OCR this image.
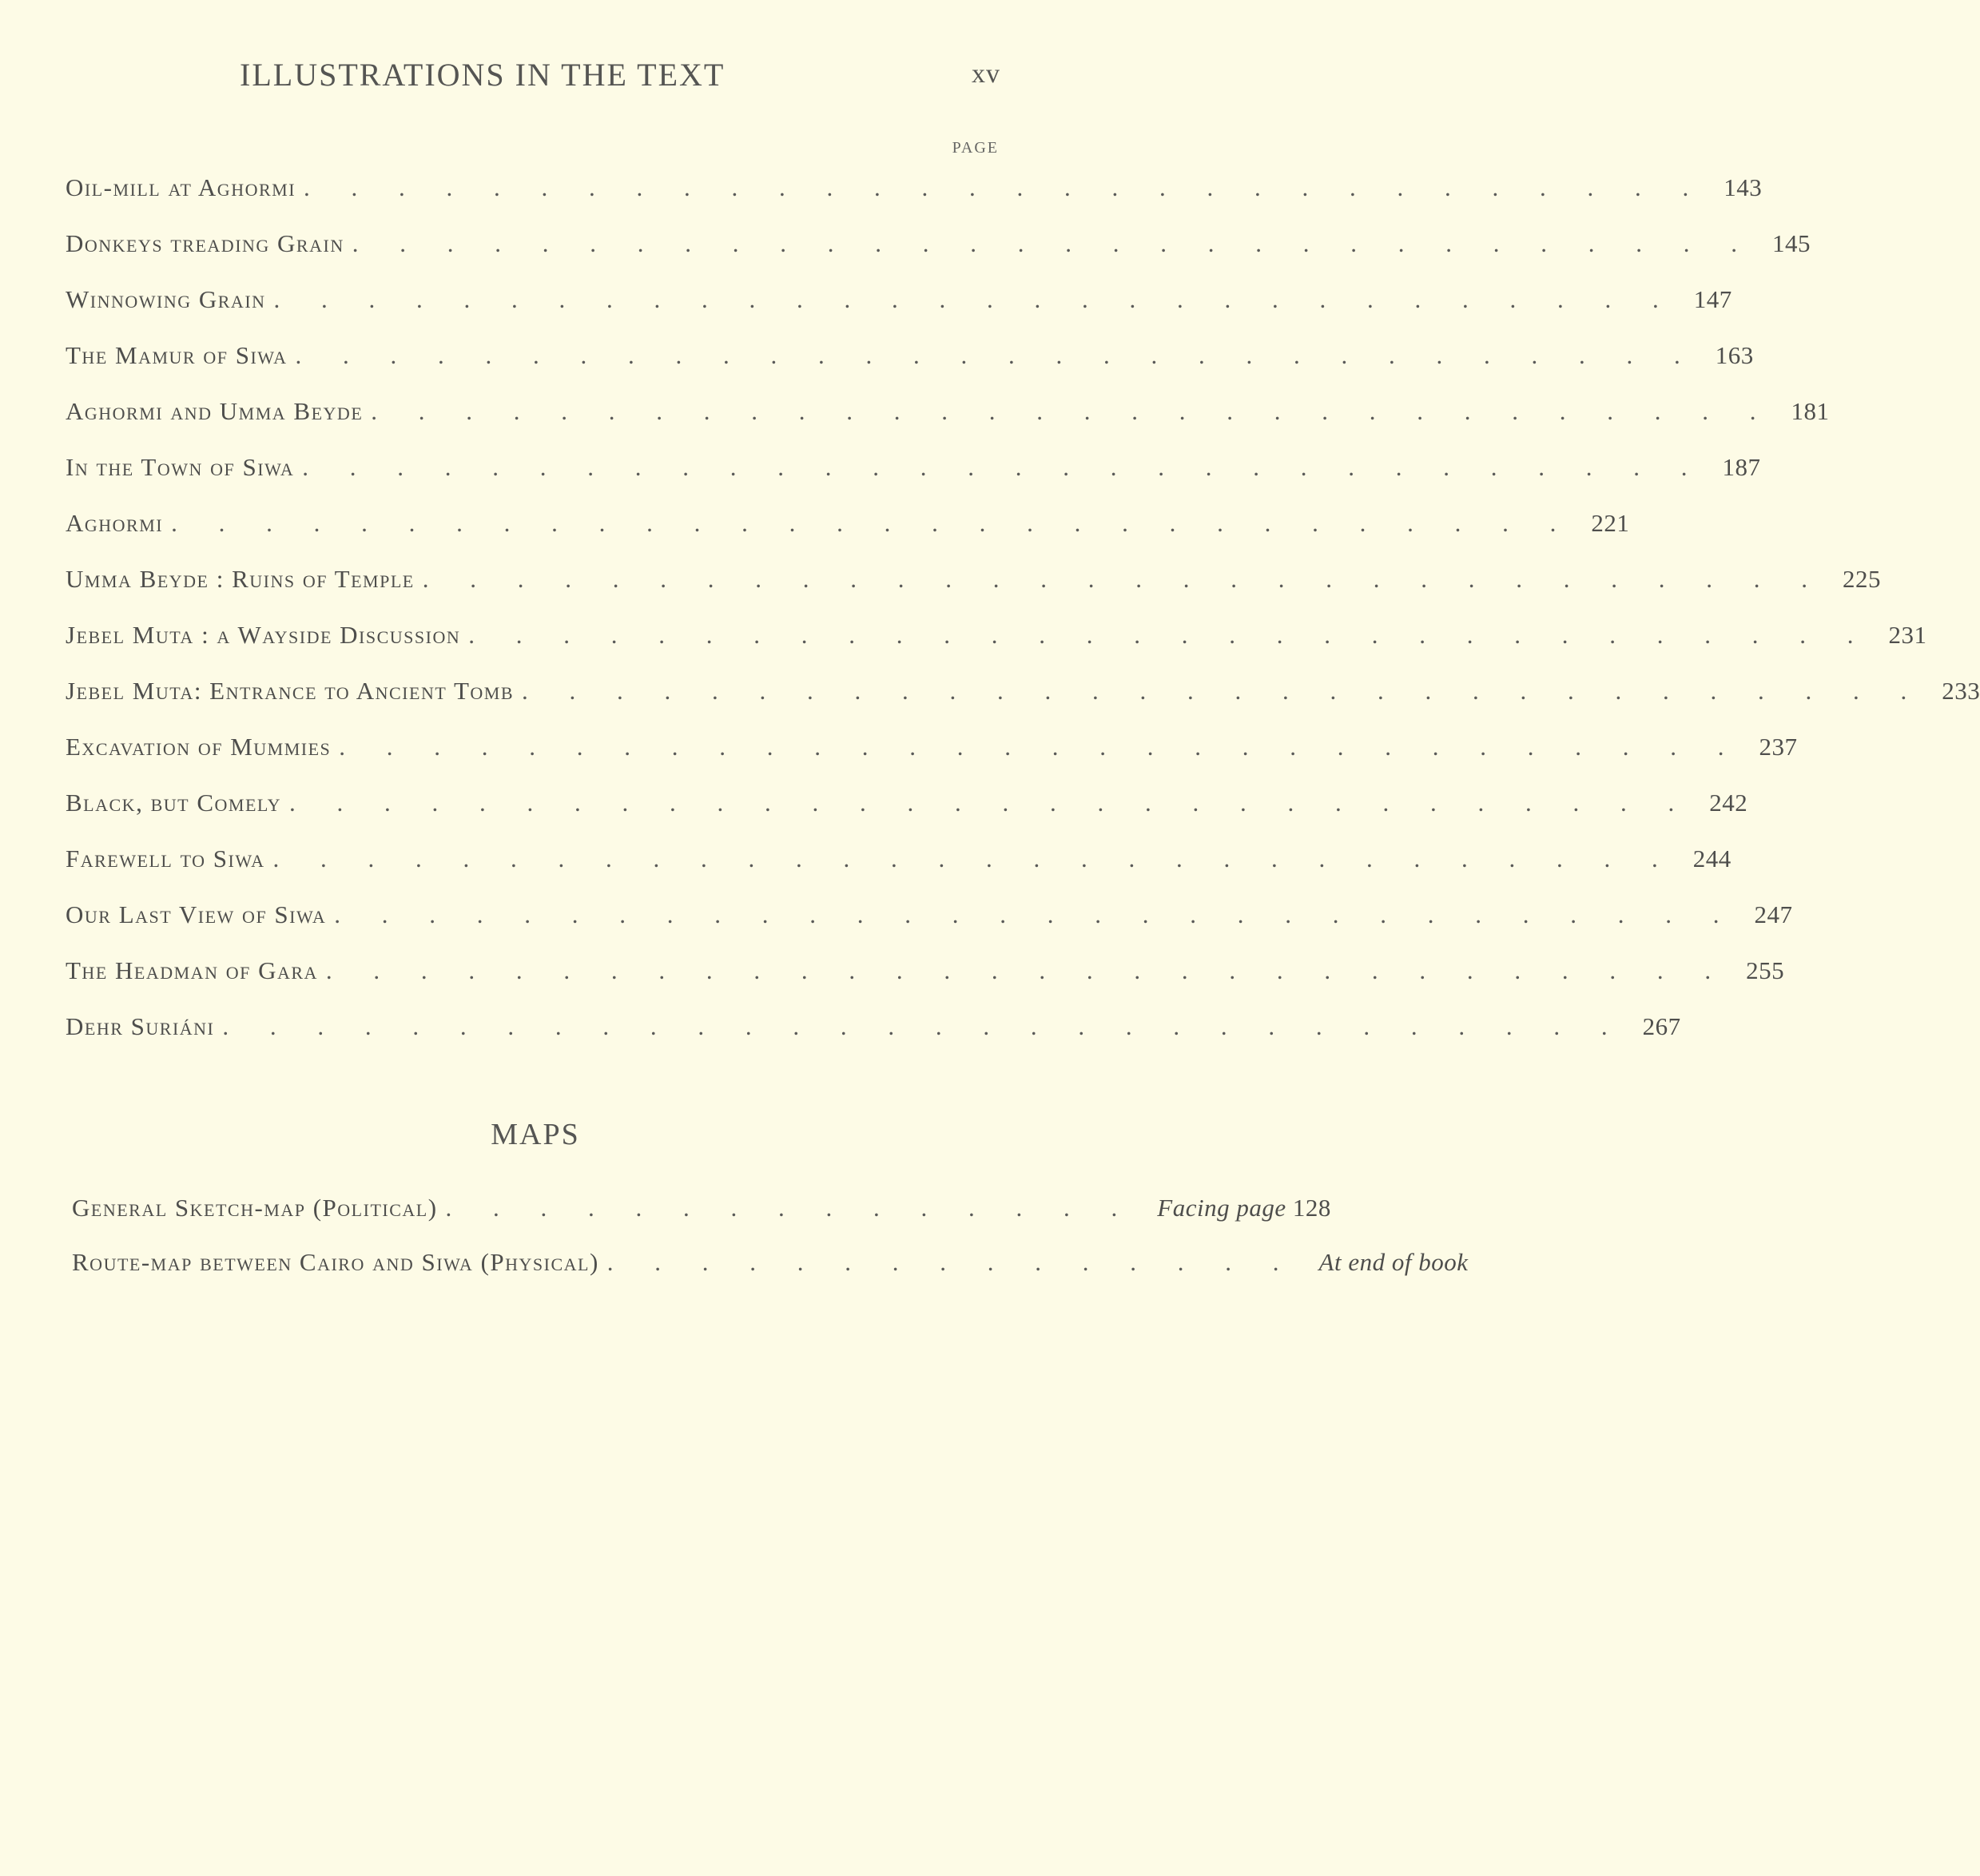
ILLUSTRATIONS IN THE TEXT	xv
PAGE
Oil-mill at Aghormi . . . . . . . . . . . . . . . . . . . . . . . . . . . . . . 143
Donkeys treading Grain . . . . . . . . . . . . . . . . . . . . . . . . . . . . . . 145
Winnowing Grain . . . . . . . . . . . . . . . . . . . . . . . . . . . . . . 147
The Mamur of Siwa . . . . . . . . . . . . . . . . . . . . . . . . . . . . . . 163
Aghormi and Umma Beyde . . . . . . . . . . . . . . . . . . . . . . . . . . . . . . 181
In the Town of Siwa . . . . . . . . . . . . . . . . . . . . . . . . . . . . . . 187
Aghormi . . . . . . . . . . . . . . . . . . . . . . . . . . . . . . 221
Umma Beyde : Ruins of Temple . . . . . . . . . . . . . . . . . . . . . . . . . . . . . . 225
Jebel Muta : a Wayside Discussion . . . . . . . . . . . . . . . . . . . . . . . . . . . . . . 231
Jebel Muta: Entrance to Ancient Tomb . . . . . . . . . . . . . . . . . . . . . . . . . . . . . . 233
Excavation of Mummies . . . . . . . . . . . . . . . . . . . . . . . . . . . . . . 237
Black, but Comely . . . . . . . . . . . . . . . . . . . . . . . . . . . . . . 242
Farewell to Siwa . . . . . . . . . . . . . . . . . . . . . . . . . . . . . . 244
Our Last View of Siwa . . . . . . . . . . . . . . . . . . . . . . . . . . . . . . 247
The Headman of Gara . . . . . . . . . . . . . . . . . . . . . . . . . . . . . . 255
Dehr Suriáni . . . . . . . . . . . . . . . . . . . . . . . . . . . . . . 267
MAPS
General Sketch-map (Political) . . . . . . . . . . . . . . . Facing page 128
Route-map between Cairo and Siwa (Physical) . . . . . . . . . . . . . . . At end of book
